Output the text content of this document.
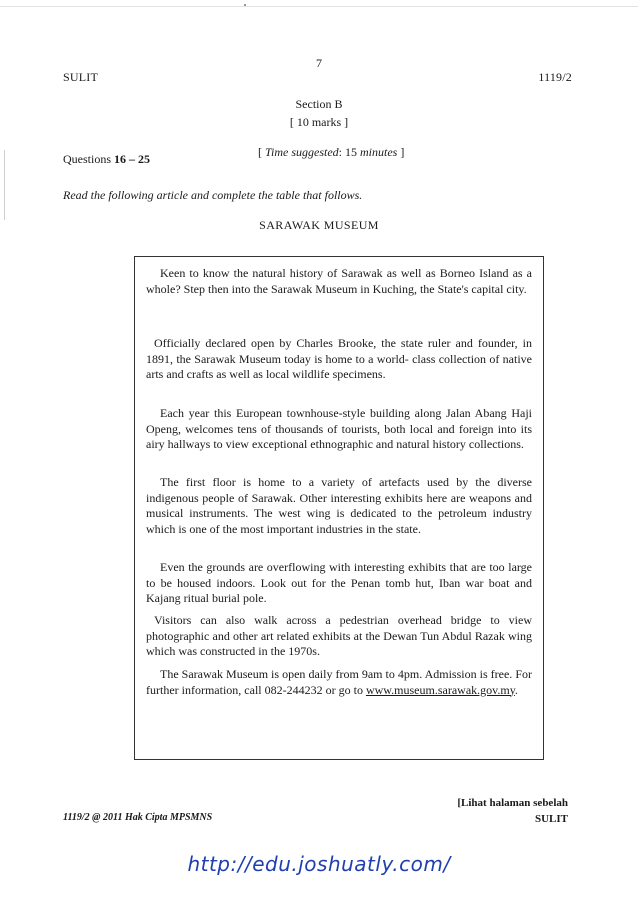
7
SULIT	1119/2
Section B
[ 10 marks ]
[ Time suggested: 15 minutes ]
Questions 16 – 25
Read the following article and complete the table that follows.
SARAWAK MUSEUM
Keen to know the natural history of Sarawak as well as Borneo Island as a whole? Step then into the Sarawak Museum in Kuching, the State's capital city.
Officially declared open by Charles Brooke, the state ruler and founder, in 1891, the Sarawak Museum today is home to a world- class collection of native arts and crafts as well as local wildlife specimens.
Each year this European townhouse-style building along Jalan Abang Haji Openg, welcomes tens of thousands of tourists, both local and foreign into its airy hallways to view exceptional ethnographic and natural history collections.
The first floor is home to a variety of artefacts used by the diverse indigenous people of Sarawak. Other interesting exhibits here are weapons and musical instruments. The west wing is dedicated to the petroleum industry which is one of the most important industries in the state.
Even the grounds are overflowing with interesting exhibits that are too large to be housed indoors. Look out for the Penan tomb hut, Iban war boat and Kajang ritual burial pole.
Visitors can also walk across a pedestrian overhead bridge to view photographic and other art related exhibits at the Dewan Tun Abdul Razak wing which was constructed in the 1970s.
The Sarawak Museum is open daily from 9am to 4pm. Admission is free. For further information, call 082-244232 or go to www.museum.sarawak.gov.my.
1119/2 @ 2011 Hak Cipta MPSMNS
[Lihat halaman sebelah
SULIT
http://edu.joshuatly.com/
